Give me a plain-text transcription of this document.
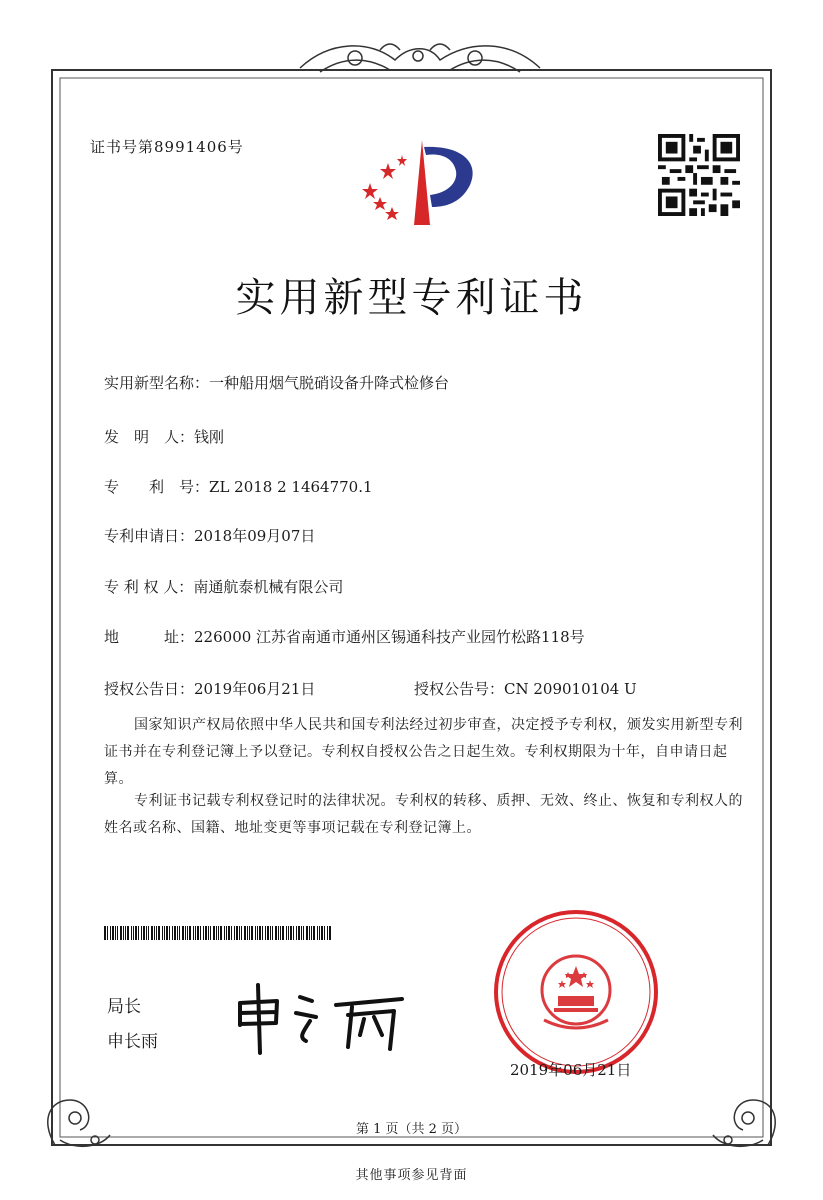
证书号第8991406号
实用新型专利证书
实用新型名称：一种船用烟气脱硝设备升降式检修台
发　明　人：钱刚
专　　利　号：ZL 2018 2 1464770.1
专利申请日：2018年09月07日
专 利 权 人：南通航泰机械有限公司
地　　　址：226000 江苏省南通市通州区锡通科技产业园竹松路118号
授权公告日：2019年06月21日	授权公告号：CN 209010104 U
国家知识产权局依照中华人民共和国专利法经过初步审查，决定授予专利权，颁发实用新型专利证书并在专利登记簿上予以登记。专利权自授权公告之日起生效。专利权期限为十年，自申请日起算。
专利证书记载专利权登记时的法律状况。专利权的转移、质押、无效、终止、恢复和专利权人的姓名或名称、国籍、地址变更等事项记载在专利登记簿上。
局长
申长雨
2019年06月21日
第 1 页（共 2 页）
其他事项参见背面
